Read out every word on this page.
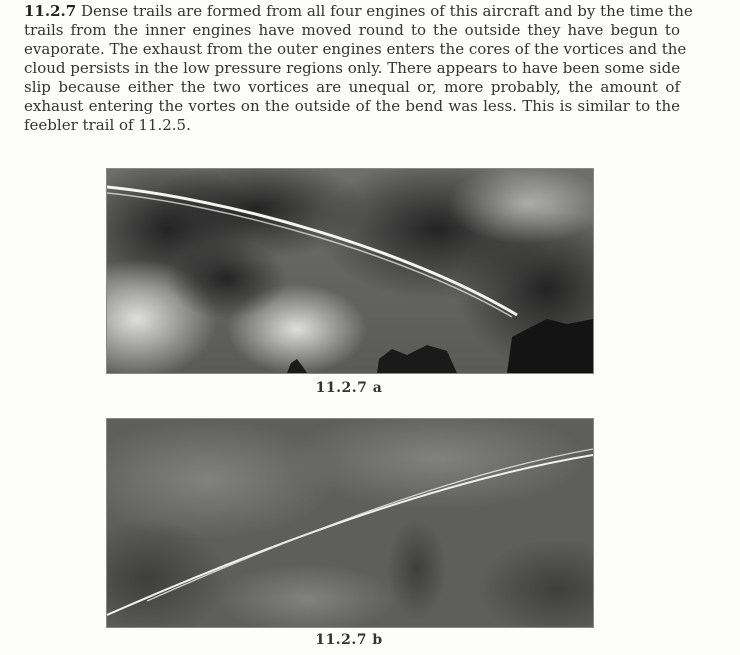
11.2.7 Dense trails are formed from all four engines of this aircraft and by the time the
trails from the inner engines have moved round to the outside they have begun to
evaporate. The exhaust from the outer engines enters the cores of the vortices and the
cloud persists in the low pressure regions only. There appears to have been some side
slip because either the two vortices are unequal or, more probably, the amount of
exhaust entering the vortes on the outside of the bend was less. This is similar to the
feebler trail of 11.2.5.
11.2.7 a
11.2.7 b
